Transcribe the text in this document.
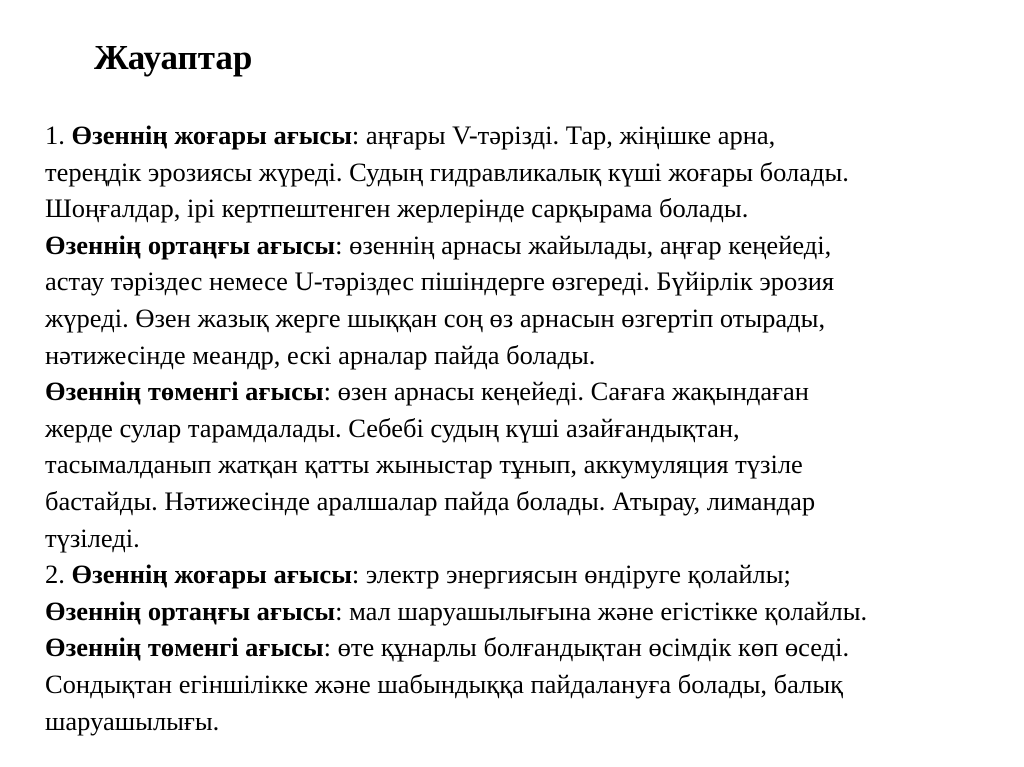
Жауаптар
1. Өзеннің жоғары ағысы: аңғары V-тәрізді. Тар, жіңішке арна,
тереңдік эрозиясы жүреді. Судың гидравликалық күші жоғары болады.
Шоңғалдар, ірі кертпештенген жерлерінде сарқырама болады.
Өзеннің ортаңғы ағысы: өзеннің арнасы жайылады, аңғар кеңейеді,
астау тәріздес немесе U-тәріздес пішіндерге өзгереді. Бүйірлік эрозия
жүреді. Өзен жазық жерге шыққан соң өз арнасын өзгертіп отырады,
нәтижесінде меандр, ескі арналар пайда болады.
Өзеннің төменгі ағысы: өзен арнасы кеңейеді. Сағаға жақындаған
жерде сулар тарамдалады. Себебі судың күші азайғандықтан,
тасымалданып жатқан қатты жыныстар тұнып, аккумуляция түзіле
бастайды. Нәтижесінде аралшалар пайда болады. Атырау, лимандар
түзіледі.
2. Өзеннің жоғары ағысы: электр энергиясын өндіруге қолайлы;
Өзеннің ортаңғы ағысы: мал шаруашылығына және егістікке қолайлы.
Өзеннің төменгі ағысы: өте құнарлы болғандықтан өсімдік көп өседі.
Сондықтан егіншілікке және шабындыққа пайдалануға болады, балық
шаруашылығы.
